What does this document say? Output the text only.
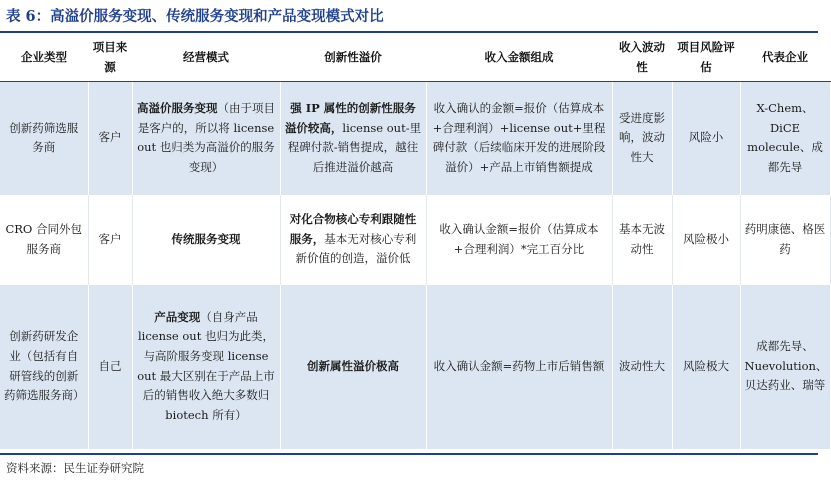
表 6：高溢价服务变现、传统服务变现和产品变现模式对比
企业类型	项目来源	经营模式	创新性溢价	收入金额组成	收入波动性	项目风险评估	代表企业
创新药筛选服务商	客户	高溢价服务变现（由于项目是客户的，所以将 license out 也归类为高溢价的服务变现）	强 IP 属性的创新性服务溢价较高，license out-里程碑付款-销售提成，越往后推进溢价越高	收入确认的金额=报价（估算成本+合理利润）+license out+里程碑付款（后续临床开发的进展阶段溢价）+产品上市销售额提成	受进度影响，波动性大	风险小	X-Chem、DiCE molecule、成都先导
CRO 合同外包服务商	客户	传统服务变现	对化合物核心专利跟随性服务，基本无对核心专利新价值的创造，溢价低	收入确认金额=报价（估算成本+合理利润）*完工百分比	基本无波动性	风险极小	药明康德、格医药
创新药研发企业（包括有自研管线的创新药筛选服务商）	自己	产品变现（自身产品 license out 也归为此类，与高阶服务变现 license out 最大区别在于产品上市后的销售收入绝大多数归 biotech 所有）	创新属性溢价极高	收入确认金额=药物上市后销售额	波动性大	风险极大	成都先导、Nuevolution、贝达药业、瑞等
资料来源：民生证券研究院
